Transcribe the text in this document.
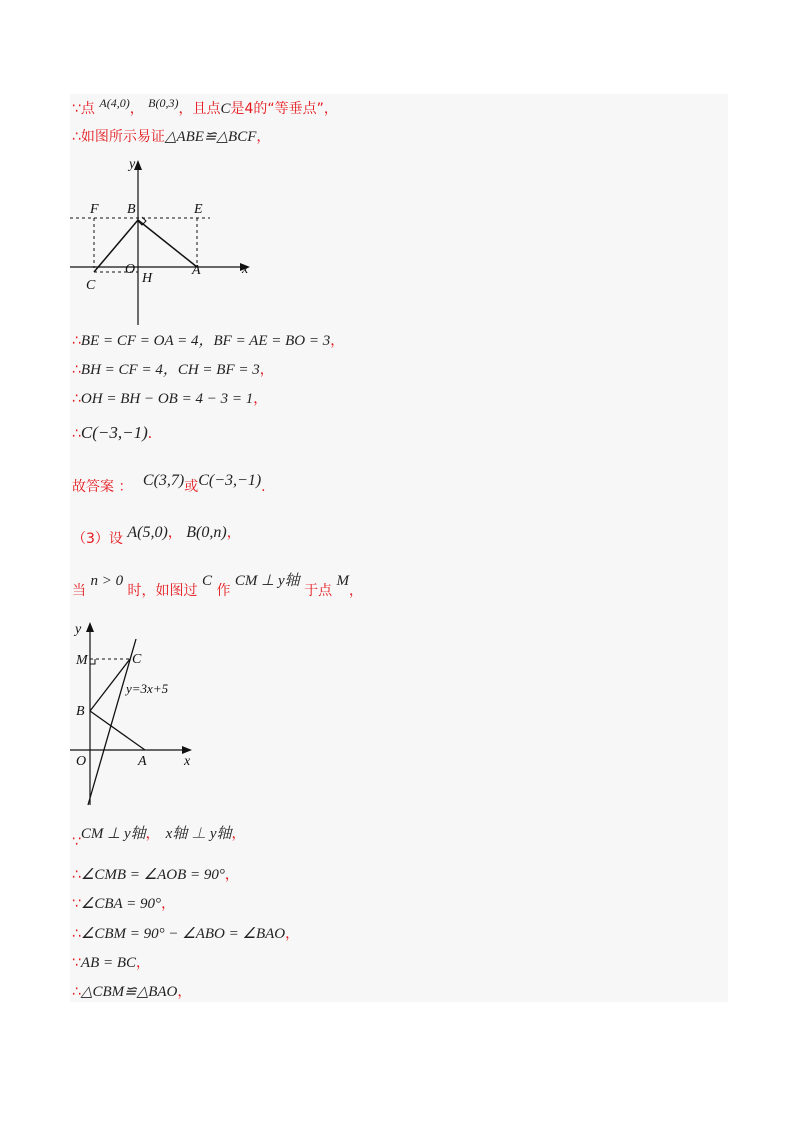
∵点 A(4,0)， B(0,3)，且点C是4的“等垂点”，
∴如图所示易证△ABE≌△BCF，
y
x
F B	E
O
H
A
C
∴BE = CF = OA = 4，BF = AE = BO = 3，
∴BH = CF = 4，CH = BF = 3，
∴OH = BH − OB = 4 − 3 = 1，
∴C(−3,−1)．
故答案 ： C(3,7)或C(−3,−1).
（3）设 A(5,0)， B(0,n)，
当 n > 0 时，如图过 C 作 CM ⊥ y轴 于点 M，
y
M	C
y=3x+5
B
O	A	x
∵CM ⊥ y轴， x轴 ⊥ y轴，
∴∠CMB = ∠AOB = 90°，
∵∠CBA = 90°，
∴∠CBM = 90° − ∠ABO = ∠BAO，
∵AB = BC，
∴△CBM≌△BAO，
